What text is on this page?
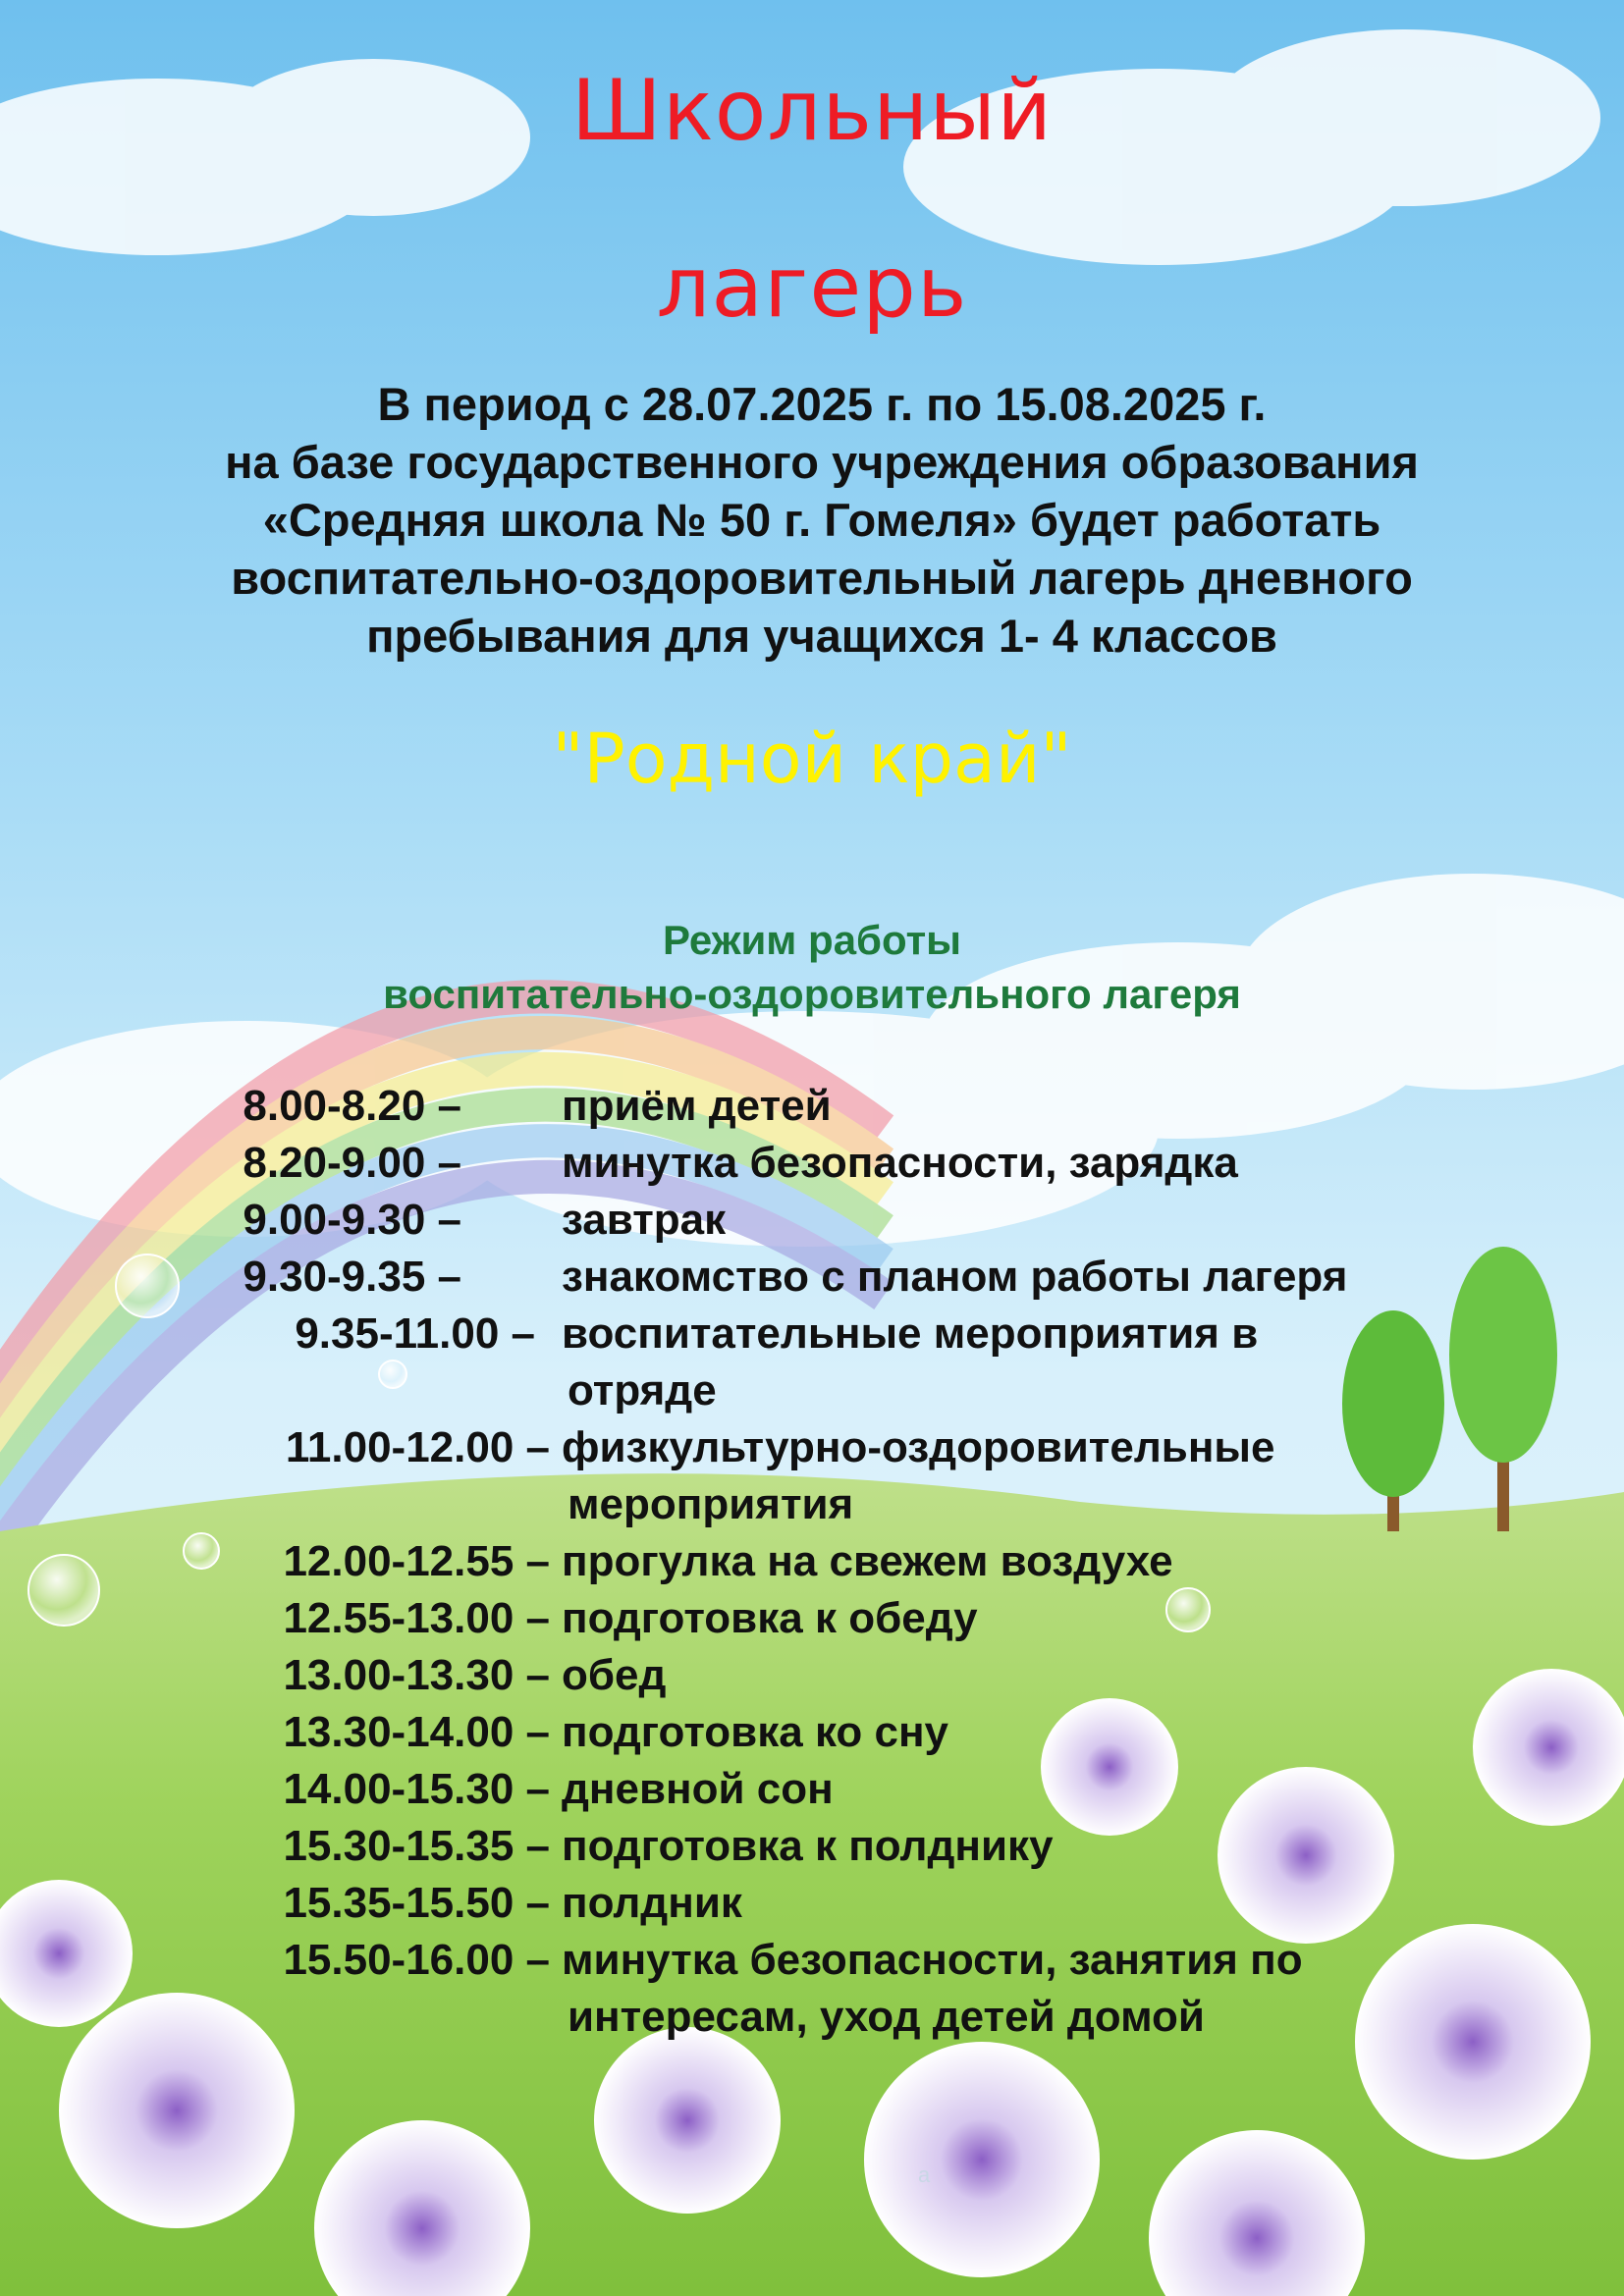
Школьный
лагерь
В период с 28.07.2025 г. по 15.08.2025 г.
на базе государственного учреждения образования
«Средняя школа № 50 г. Гомеля» будет работать
воспитательно-оздоровительный лагерь дневного
пребывания для учащихся 1- 4 классов
"Родной край"
Режим работы
воспитательно-оздоровительного лагеря
8.00-8.20 – приём детей
8.20-9.00 – минутка безопасности, зарядка
9.00-9.30 – завтрак
9.30-9.35 – знакомство с планом работы лагеря
9.35-11.00 – воспитательные мероприятия в
отряде
11.00-12.00 – физкультурно-оздоровительные
мероприятия
12.00-12.55 – прогулка на свежем воздухе
12.55-13.00 – подготовка к обеду
13.00-13.30 – обед
13.30-14.00 – подготовка ко сну
14.00-15.30 – дневной сон
15.30-15.35 – подготовка к полднику
15.35-15.50 – полдник
15.50-16.00 – минутка безопасности, занятия по
интересам, уход детей домой
a
